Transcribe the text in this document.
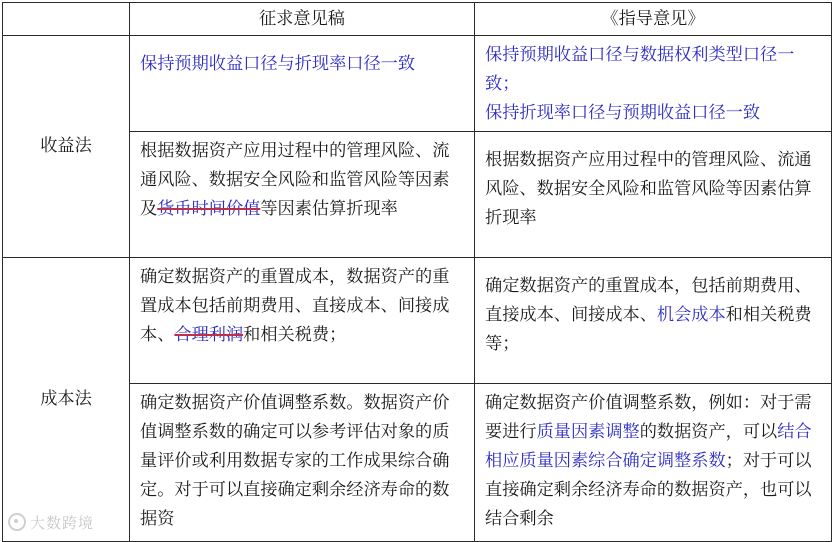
	征求意见稿	《指导意见》
收益法	保持预期收益口径与折现率口径一致	保持预期收益口径与数据权利类型口径一致；
保持折现率口径与预期收益口径一致
	根据数据资产应用过程中的管理风险、流通风险、数据安全风险和监管风险等因素及货币时间价值等因素估算折现率	根据数据资产应用过程中的管理风险、流通风险、数据安全风险和监管风险等因素估算折现率
成本法	确定数据资产的重置成本，数据资产的重置成本包括前期费用、直接成本、间接成本、合理利润和相关税费；	确定数据资产的重置成本，包括前期费用、直接成本、间接成本、机会成本和相关税费等；
	确定数据资产价值调整系数。数据资产价值调整系数的确定可以参考评估对象的质量评价或利用数据专家的工作成果综合确定。对于可以直接确定剩余经济寿命的数据资	确定数据资产价值调整系数，例如：对于需要进行质量因素调整的数据资产，可以结合相应质量因素综合确定调整系数；对于可以直接确定剩余经济寿命的数据资产，也可以结合剩余
大数跨境
